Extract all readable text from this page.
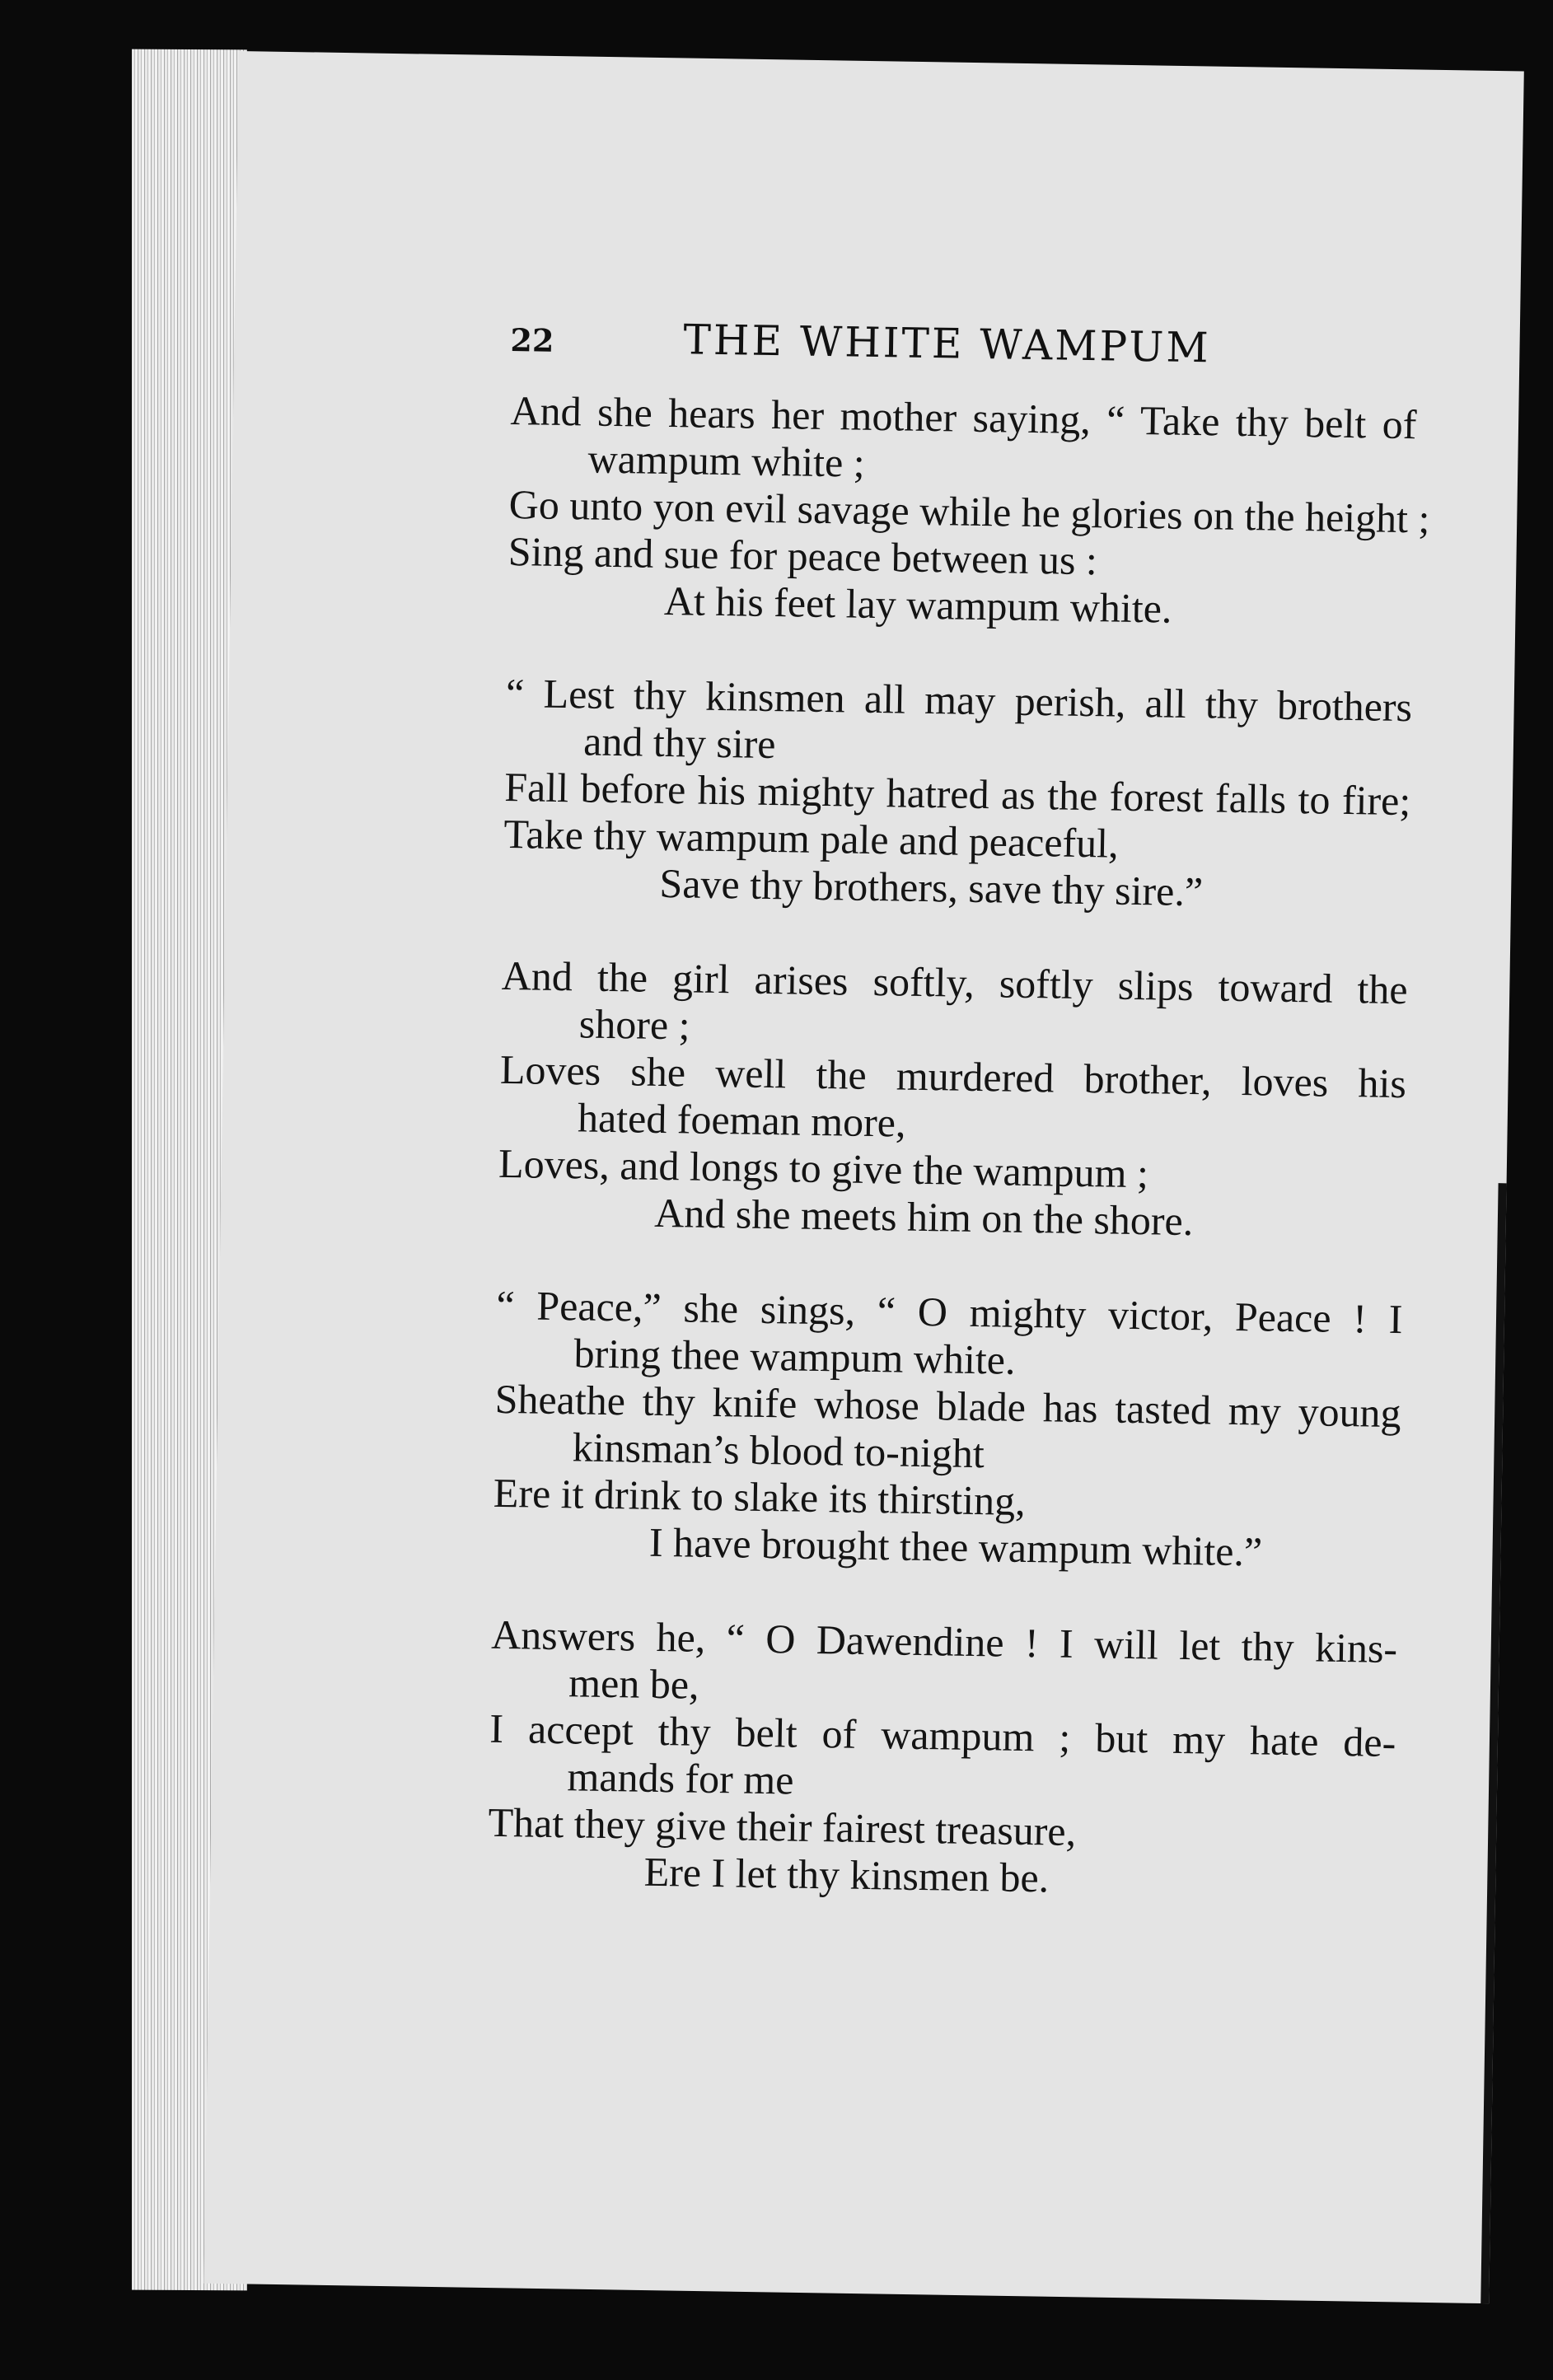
22	THE WHITE WAMPUM
And she hears her mother saying, “ Take thy belt of
wampum white ;
Go unto yon evil savage while he glories on the height ;
Sing and sue for peace between us :
At his feet lay wampum white.
“ Lest thy kinsmen all may perish, all thy brothers
and thy sire
Fall before his mighty hatred as the forest falls to fire;
Take thy wampum pale and peaceful,
Save thy brothers, save thy sire.”
And the girl arises softly, softly slips toward the
shore ;
Loves she well the murdered brother, loves his
hated foeman more,
Loves, and longs to give the wampum ;
And she meets him on the shore.
“ Peace,” she sings, “ O mighty victor, Peace ! I
bring thee wampum white.
Sheathe thy knife whose blade has tasted my young
kinsman’s blood to-night
Ere it drink to slake its thirsting,
I have brought thee wampum white.”
Answers he, “ O Dawendine ! I will let thy kins-
men be,
I accept thy belt of wampum ; but my hate de-
mands for me
That they give their fairest treasure,
Ere I let thy kinsmen be.
